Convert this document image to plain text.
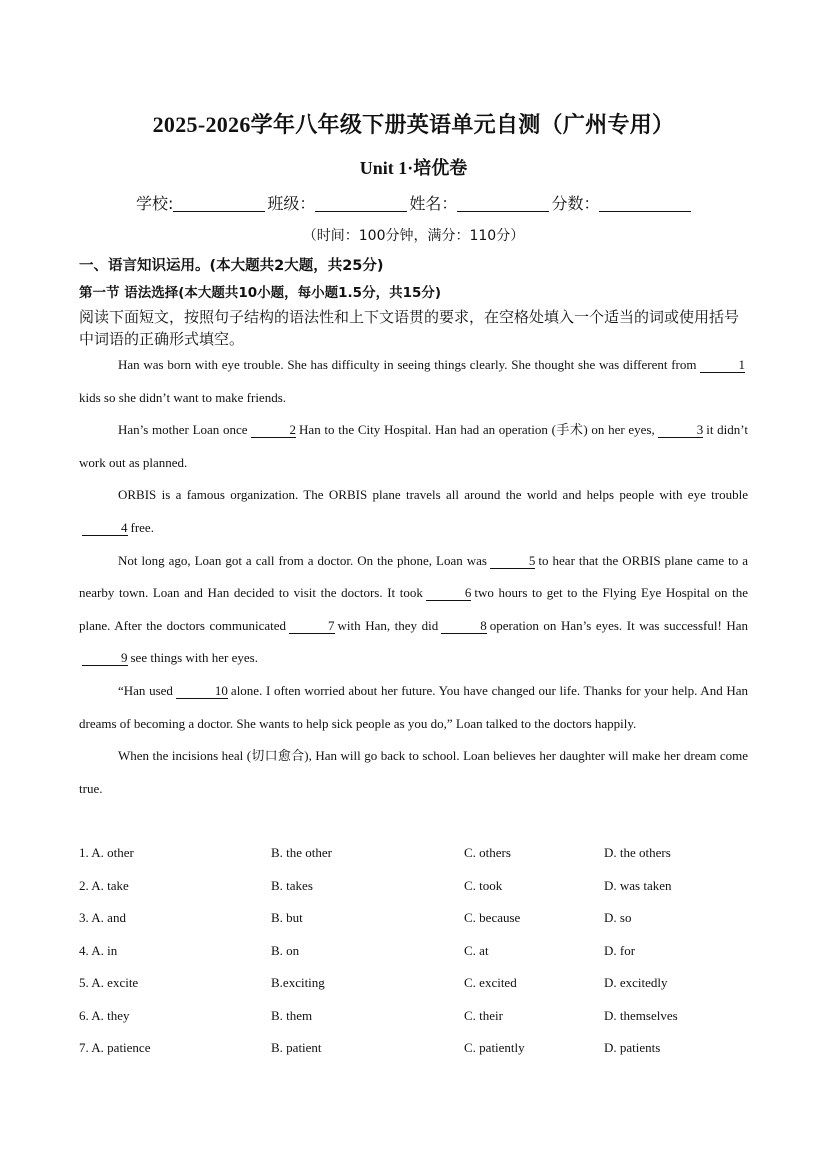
2025-2026学年八年级下册英语单元自测（广州专用）
Unit 1·培优卷
学校:	班级：	姓名：	分数：
（时间：100分钟，满分：110分）
一、语言知识运用。(本大题共2大题，共25分)
第一节 语法选择(本大题共10小题，每小题1.5分，共15分)
阅读下面短文，按照句子结构的语法性和上下文语贯的要求，在空格处填入一个适当的词或使用括号中词语的正确形式填空。

Han was born with eye trouble. She has difficulty in seeing things clearly. She thought she was different from	1kids so she didn’t want to make friends.

Han’s mother Loan once	2 Han to the City Hospital. Han had an operation (手术) on her eyes,	3 it didn’t work out as planned.

ORBIS is a famous organization. The ORBIS plane travels all around the world and helps people with eye trouble4 free.

Not long ago, Loan got a call from a doctor. On the phone, Loan was	5 to hear that the ORBIS plane came to a nearby town. Loan and Han decided to visit the doctors. It took	6 two hours to get to the Flying Eye Hospital on the plane. After the doctors communicated	7 with Han, they did	8 operation on Han’s eyes. It was successful! Han9 see things with her eyes.

“Han used	10 alone. I often worried about her future. You have changed our life. Thanks for your help. And Han dreams of becoming a doctor. She wants to help sick people as you do,” Loan talked to the doctors happily.

When the incisions heal (切口愈合), Han will go back to school. Loan believes her daughter will make her dream come true.

1. A. other	B. the other	C. others	D. the others
2. A. take	B. takes	C. took	D. was taken
3. A. and	B. but	C. because	D. so
4. A. in	B. on	C. at	D. for
5. A. excite	B.exciting	C. excited	D. excitedly
6. A. they	B. them	C. their	D. themselves
7. A. patience	B. patient	C. patiently	D. patients
